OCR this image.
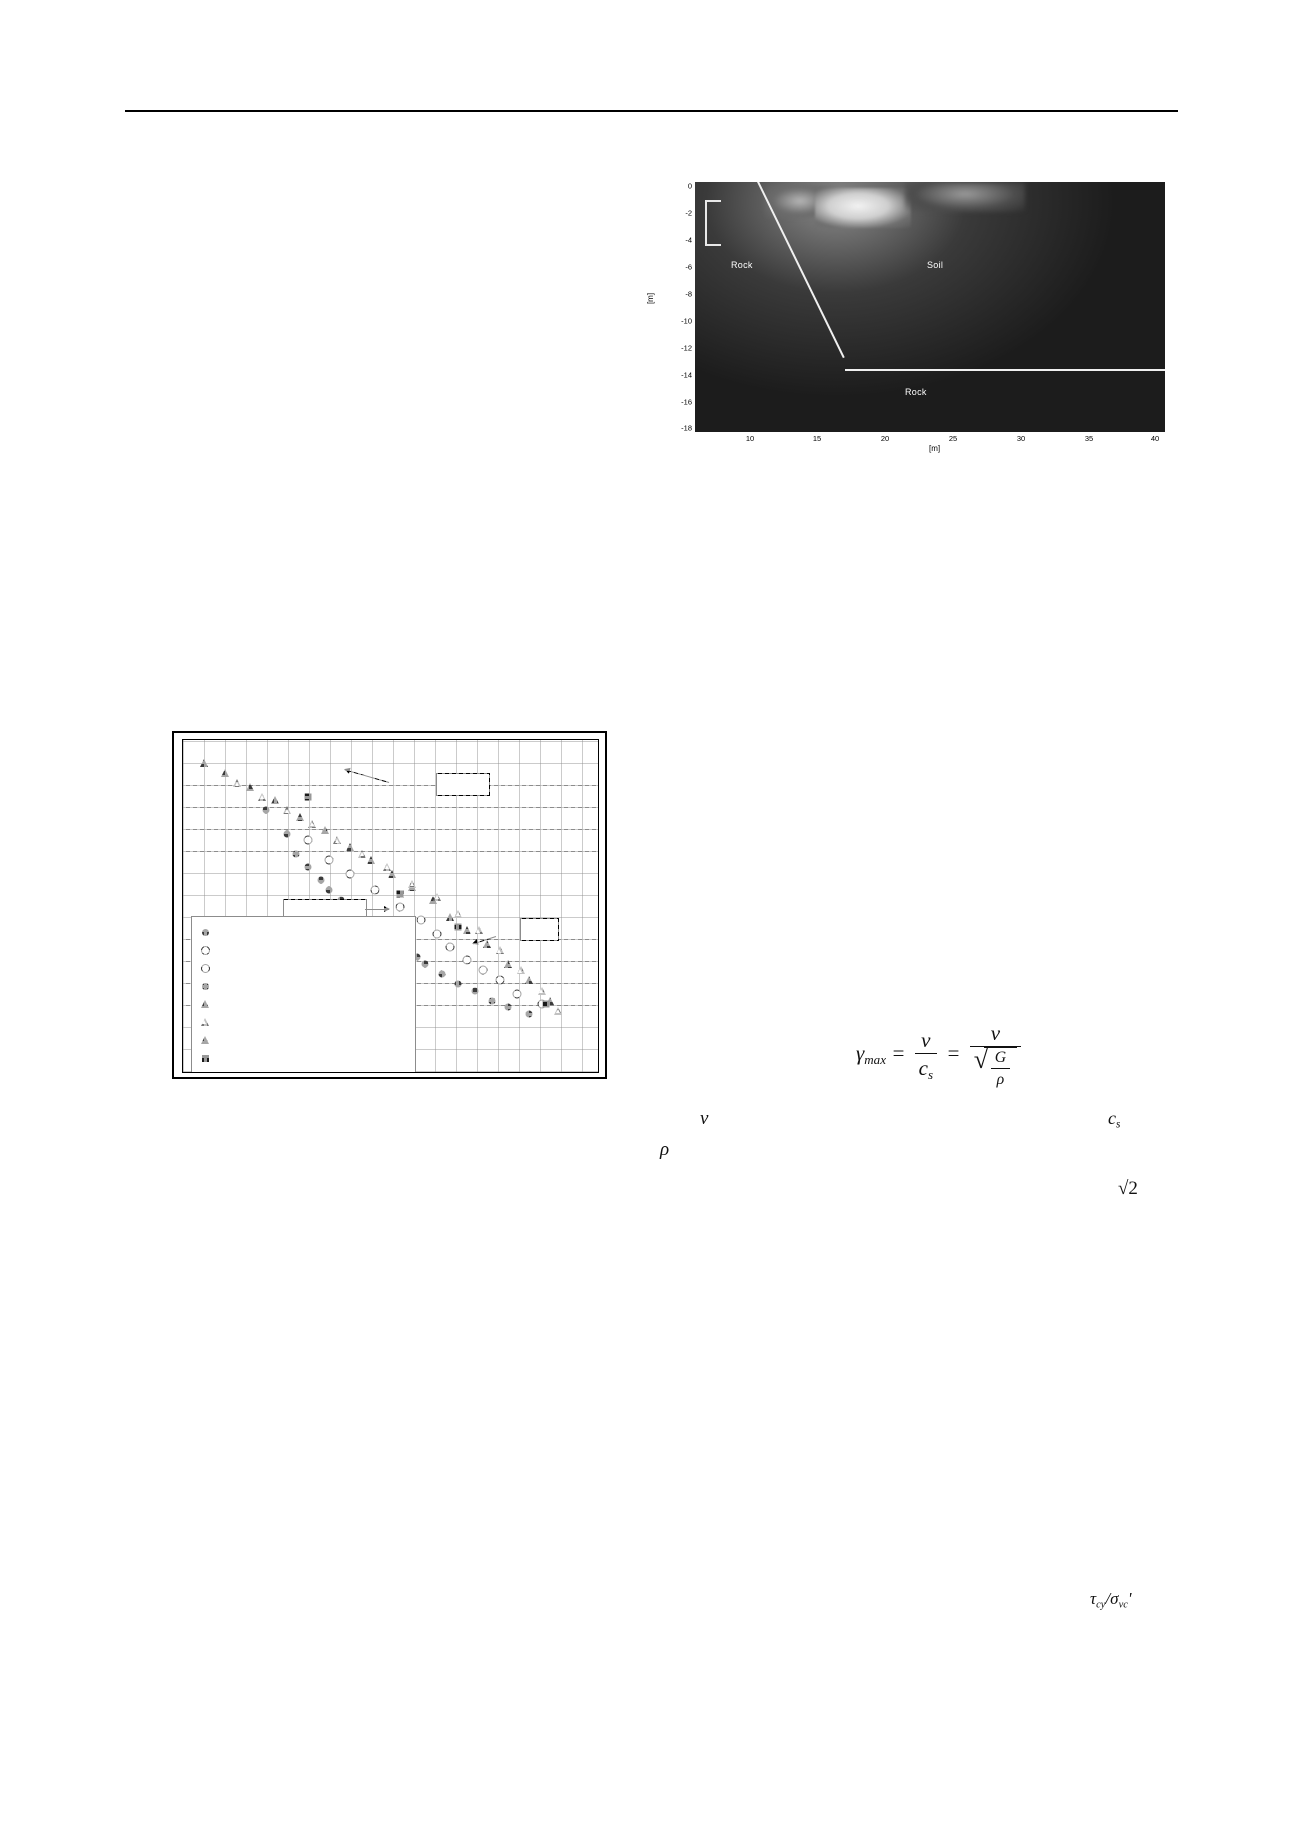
[m]
0
-2
-4
-6
-8
-10
-12
-14
-16
-18
Rock	Soil
Rock
10	15	20	25	30	35	40
[m]
$\gamma_{max} = \frac{v}{c_s} = \frac{v}{√ \frac{G}{\rho}}$
v	$c_s$
ρ
√2
$\tau_{cy}/\sigma_{vc}'$
